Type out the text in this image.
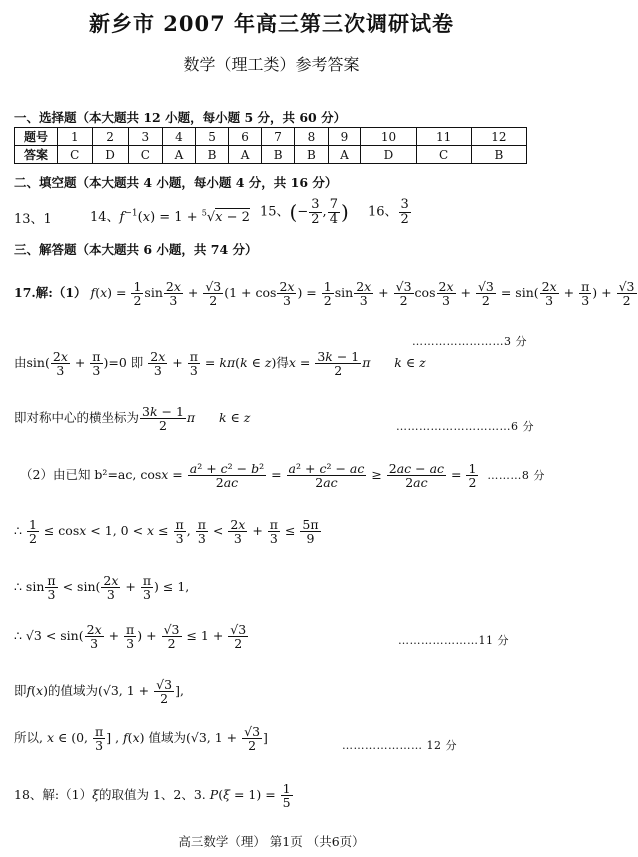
新乡市 2007 年高三第三次调研试卷
数学（理工类）参考答案
一、选择题（本大题共 12 小题，每小题 5 分，共 60 分）
题号	1	2	3	4	5	6	7	8	9	10	11	12
答案	C	D	C	A	B	A	B	B	A	D	C	B
二、填空题（本大题共 4 小题，每小题 4 分，共 16 分）
13、1	14、$f^{-1}(x) = 1 + ^5√x - 2$ 15、(− $\frac{3}{2}$ , $\frac{7}{4}$ ) 16、 $\frac{3}{2}$
三、解答题（本大题共 6 小题，共 74 分）
17.解:（1） $f(x) = \frac{1}{2}$ $\sin \frac{2x}{3} + \frac{√3}{2} (1 + \cos \frac{2x}{3}$ ) = $\frac{1}{2}$ $\sin \frac{2x}{3} + \frac{√3}{2}$ $\cos \frac{2x}{3} + \frac{√3}{2} = \sin( \frac{2x}{3} + \frac{\pi}{3}$ ) + $\frac{√3}{2}$
……………………3 分
由$\sin( \frac{2x}{3} + \frac{\pi}{3} )=0$ 即 $\frac{2x}{3} + \frac{\pi}{3} = k\pi(k$ ∈ z)得$x = \frac{3k - 1}{2}$ π k ∈ z
即对称中心的横坐标为 $\frac{3k - 1}{2}$ π k ∈ z
…………………………6 分
（2）由已知 b²=ac, $\cos x = \frac{\text{a² + c² − b²}}{2ac} = \frac{\text{a² + c² − ac}}{2ac} \ge \frac{2ac - ac}{2ac} = \frac{1}{2}$ ………8 分
∴ $\frac{1}{2} \le \cos x < 1$, $0 < x \le \frac{\pi}{3}$ , $\frac{\pi}{3} < \frac{2x}{3} + \frac{\pi}{3} \le \frac{5\pi}{9}$
∴ $\sin \frac{\pi}{3} < \sin( \frac{2x}{3} + \frac{\pi}{3}$ ) ≤ 1,
∴ $√3 < \sin( \frac{2x}{3} + \frac{\pi}{3}$ ) + $\frac{√3}{2} \le 1 + \frac{√3}{2}$	…………………11 分
即f(x)的值域为(√3, $1 + \frac{√3}{2}$ ],
所以, x ∈ (0, $\frac{\pi}{3}$ ] , f(x) 值域为(√3, $1 + \frac{√3}{2}$ ]
………………… 12 分
18、解:（1）ξ的取值为 1、2、3. $P(\xi = 1) = \frac{1}{5}$
高三数学（理） 第1页 （共6页）
